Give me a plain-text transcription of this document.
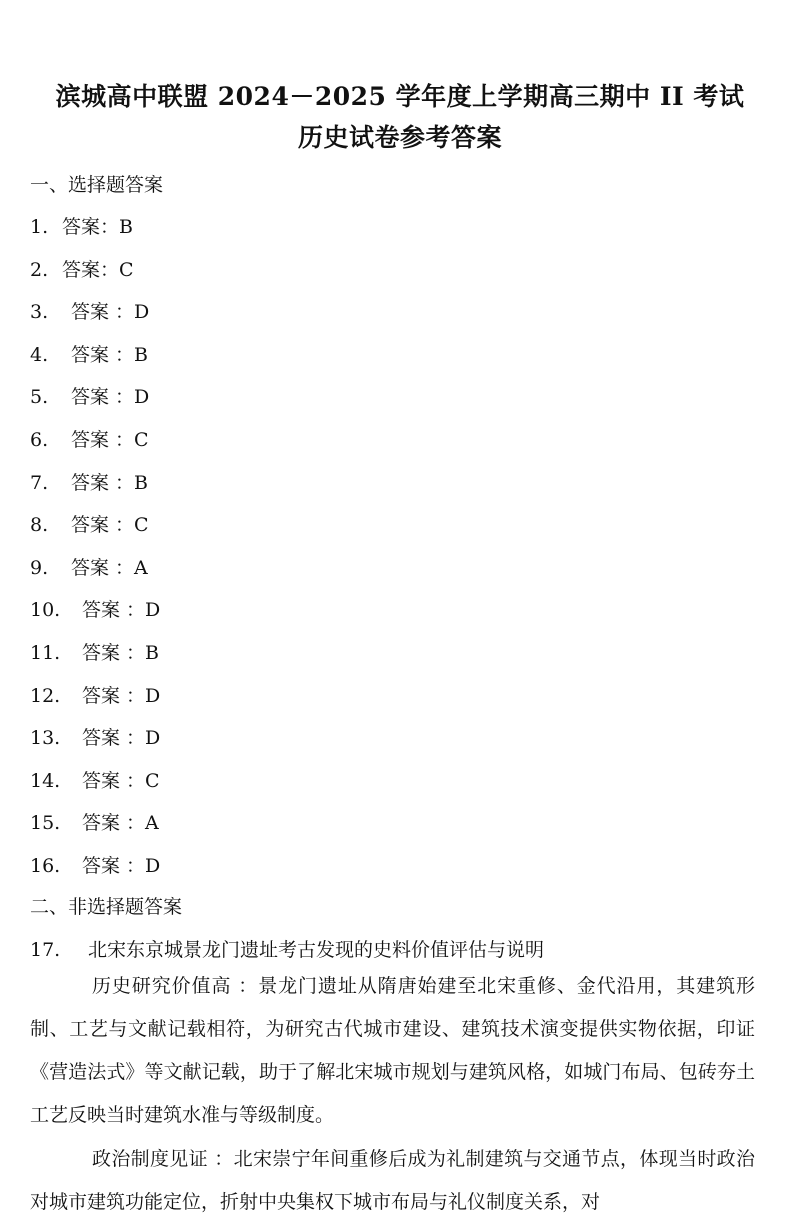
滨城高中联盟 2024－2025 学年度上学期高三期中 II 考试
历史试卷参考答案
一、选择题答案
1. 答案：B
2. 答案：C
3. 答案 ：D
4. 答案 ：B
5. 答案 ：D
6. 答案 ：C
7. 答案 ：B
8. 答案 ：C
9. 答案 ：A
10. 答案 ：D
11. 答案 ：B
12. 答案 ：D
13. 答案 ：D
14. 答案 ：C
15. 答案 ：A
16. 答案 ：D
二、非选择题答案
17. 北宋东京城景龙门遗址考古发现的史料价值评估与说明

历史研究价值高 ：景龙门遗址从隋唐始建至北宋重修、金代沿用，其建筑形制、工艺与文献记载相符，为研究古代城市建设、建筑技术演变提供实物依据，印证《营造法式》等文献记载，助于了解北宋城市规划与建筑风格，如城门布局、包砖夯土工艺反映当时建筑水准与等级制度。

政治制度见证 ：北宋崇宁年间重修后成为礼制建筑与交通节点，体现当时政治对城市建筑功能定位，折射中央集权下城市布局与礼仪制度关系，对
